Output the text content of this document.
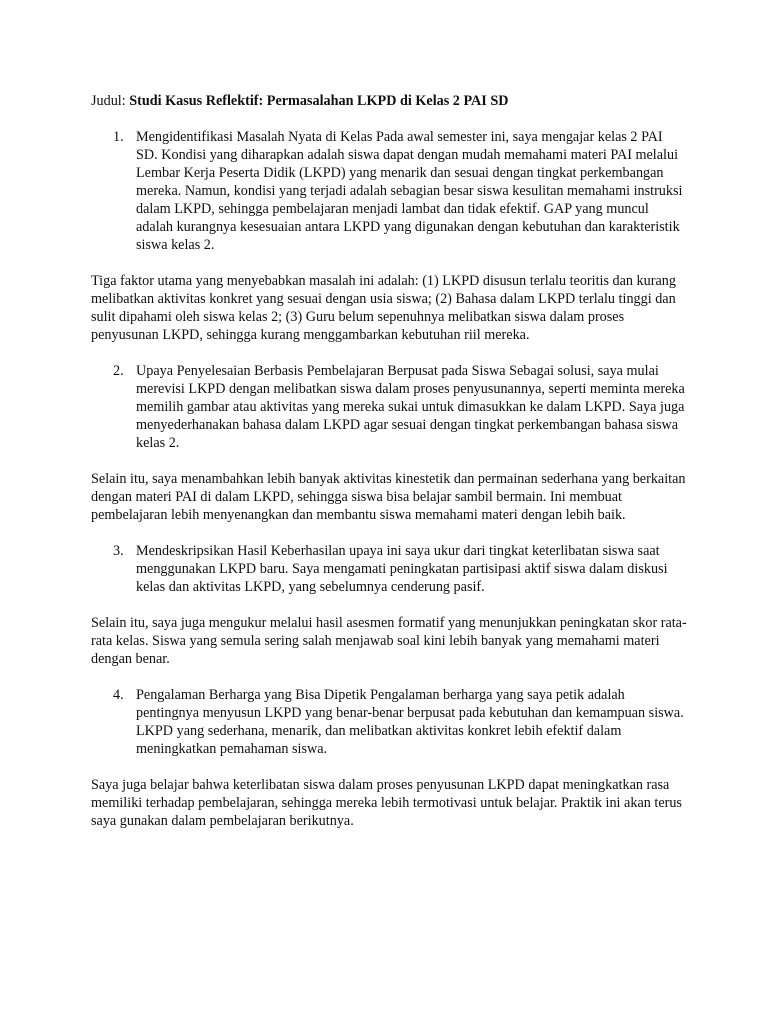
Judul: Studi Kasus Reflektif: Permasalahan LKPD di Kelas 2 PAI SD

1. Mengidentifikasi Masalah Nyata di Kelas Pada awal semester ini, saya mengajar kelas 2 PAI SD. Kondisi yang diharapkan adalah siswa dapat dengan mudah memahami materi PAI melalui Lembar Kerja Peserta Didik (LKPD) yang menarik dan sesuai dengan tingkat perkembangan mereka. Namun, kondisi yang terjadi adalah sebagian besar siswa kesulitan memahami instruksi dalam LKPD, sehingga pembelajaran menjadi lambat dan tidak efektif. GAP yang muncul adalah kurangnya kesesuaian antara LKPD yang digunakan dengan kebutuhan dan karakteristik siswa kelas 2.

Tiga faktor utama yang menyebabkan masalah ini adalah: (1) LKPD disusun terlalu teoritis dan kurang melibatkan aktivitas konkret yang sesuai dengan usia siswa; (2) Bahasa dalam LKPD terlalu tinggi dan sulit dipahami oleh siswa kelas 2; (3) Guru belum sepenuhnya melibatkan siswa dalam proses penyusunan LKPD, sehingga kurang menggambarkan kebutuhan riil mereka.

2. Upaya Penyelesaian Berbasis Pembelajaran Berpusat pada Siswa Sebagai solusi, saya mulai merevisi LKPD dengan melibatkan siswa dalam proses penyusunannya, seperti meminta mereka memilih gambar atau aktivitas yang mereka sukai untuk dimasukkan ke dalam LKPD. Saya juga menyederhanakan bahasa dalam LKPD agar sesuai dengan tingkat perkembangan bahasa siswa kelas 2.

Selain itu, saya menambahkan lebih banyak aktivitas kinestetik dan permainan sederhana yang berkaitan dengan materi PAI di dalam LKPD, sehingga siswa bisa belajar sambil bermain. Ini membuat pembelajaran lebih menyenangkan dan membantu siswa memahami materi dengan lebih baik.

3. Mendeskripsikan Hasil Keberhasilan upaya ini saya ukur dari tingkat keterlibatan siswa saat menggunakan LKPD baru. Saya mengamati peningkatan partisipasi aktif siswa dalam diskusi kelas dan aktivitas LKPD, yang sebelumnya cenderung pasif.

Selain itu, saya juga mengukur melalui hasil asesmen formatif yang menunjukkan peningkatan skor rata-rata kelas. Siswa yang semula sering salah menjawab soal kini lebih banyak yang memahami materi dengan benar.

4. Pengalaman Berharga yang Bisa Dipetik Pengalaman berharga yang saya petik adalah pentingnya menyusun LKPD yang benar-benar berpusat pada kebutuhan dan kemampuan siswa. LKPD yang sederhana, menarik, dan melibatkan aktivitas konkret lebih efektif dalam meningkatkan pemahaman siswa.

Saya juga belajar bahwa keterlibatan siswa dalam proses penyusunan LKPD dapat meningkatkan rasa memiliki terhadap pembelajaran, sehingga mereka lebih termotivasi untuk belajar. Praktik ini akan terus saya gunakan dalam pembelajaran berikutnya.
